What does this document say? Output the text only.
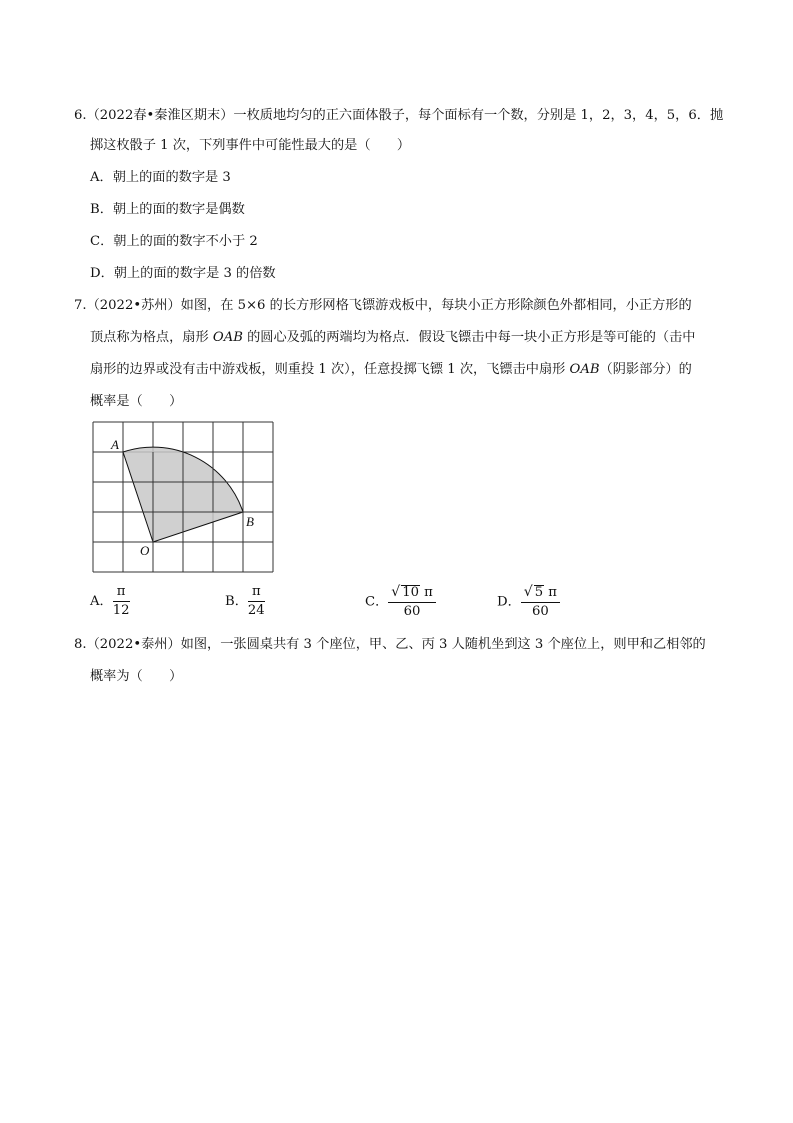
6.（2022春•秦淮区期末）一枚质地均匀的正六面体骰子，每个面标有一个数，分别是 1，2，3，4，5，6．抛
掷这枚骰子 1 次，下列事件中可能性最大的是（　　）
A．朝上的面的数字是 3
B．朝上的面的数字是偶数
C．朝上的面的数字不小于 2
D．朝上的面的数字是 3 的倍数
7.（2022•苏州）如图，在 5×6 的长方形网格飞镖游戏板中，每块小正方形除颜色外都相同，小正方形的
顶点称为格点，扇形 OAB 的圆心及弧的两端均为格点．假设飞镖击中每一块小正方形是等可能的（击中
扇形的边界或没有击中游戏板，则重投 1 次），任意投掷飞镖 1 次，飞镖击中扇形 OAB（阴影部分）的
概率是（　　）
A
B
O
A． $\frac{\pi}{12}$	B． $\frac{\pi}{24}$	C． $\frac{√ 10 \pi}{60}$	D． $\frac{√ 5 \pi}{60}$
8.（2022•泰州）如图，一张圆桌共有 3 个座位，甲、乙、丙 3 人随机坐到这 3 个座位上，则甲和乙相邻的
概率为（　　）
